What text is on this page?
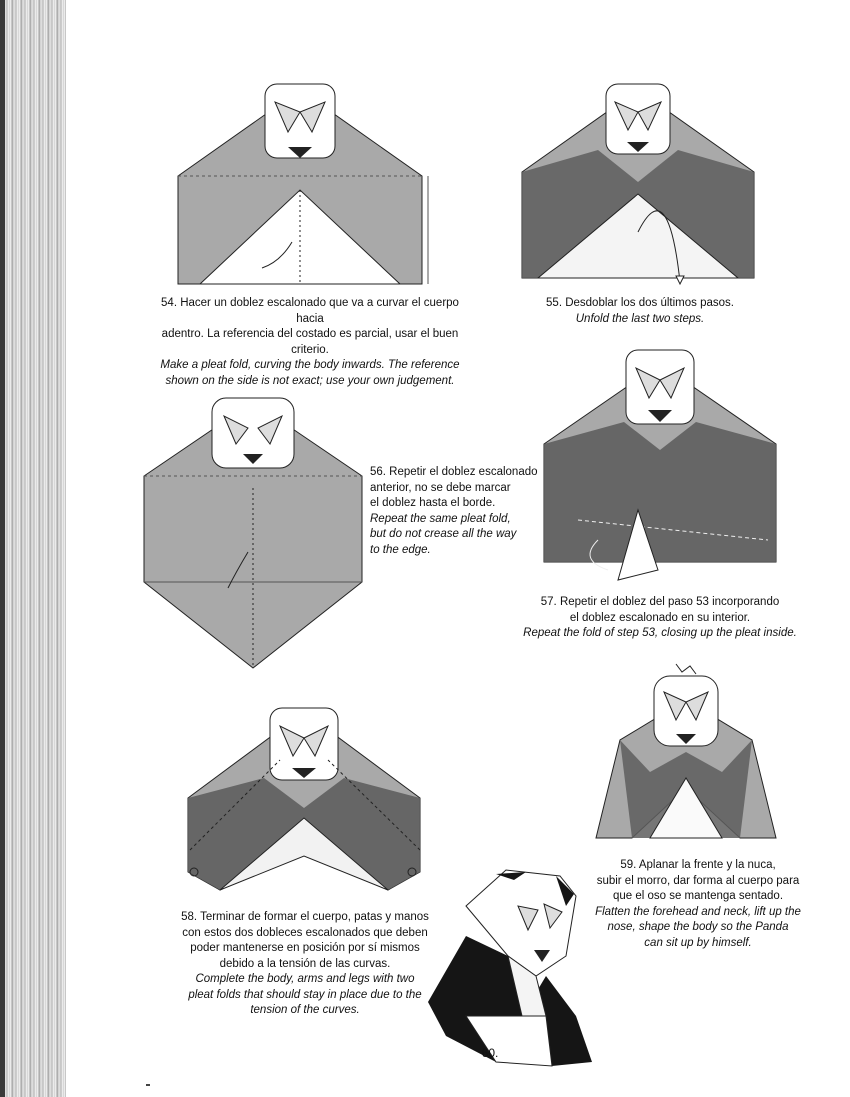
54. Hacer un doblez escalonado que va a curvar el cuerpo hacia
adentro. La referencia del costado es parcial, usar el buen criterio.
Make a pleat fold, curving the body inwards. The reference
shown on the side is not exact; use your own judgement.
55. Desdoblar los dos últimos pasos.
Unfold the last two steps.
56. Repetir el doblez escalonado
anterior, no se debe marcar
el doblez hasta el borde.
Repeat the same pleat fold,
but do not crease all the way
to the edge.
57. Repetir el doblez del paso 53 incorporando
el doblez escalonado en su interior.
Repeat the fold of step 53, closing up the pleat inside.
59. Aplanar la frente y la nuca,
subir el morro, dar forma al cuerpo para
que el oso se mantenga sentado.
Flatten the forehead and neck, lift up the
nose, shape the body so the Panda
can sit up by himself.
58. Terminar de formar el cuerpo, patas y manos
con estos dos dobleces escalonados que deben
poder mantenerse en posición por sí mismos
debido a la tensión de las curvas.
Complete the body, arms and legs with two
pleat folds that should stay in place due to the
tension of the curves.
60.
